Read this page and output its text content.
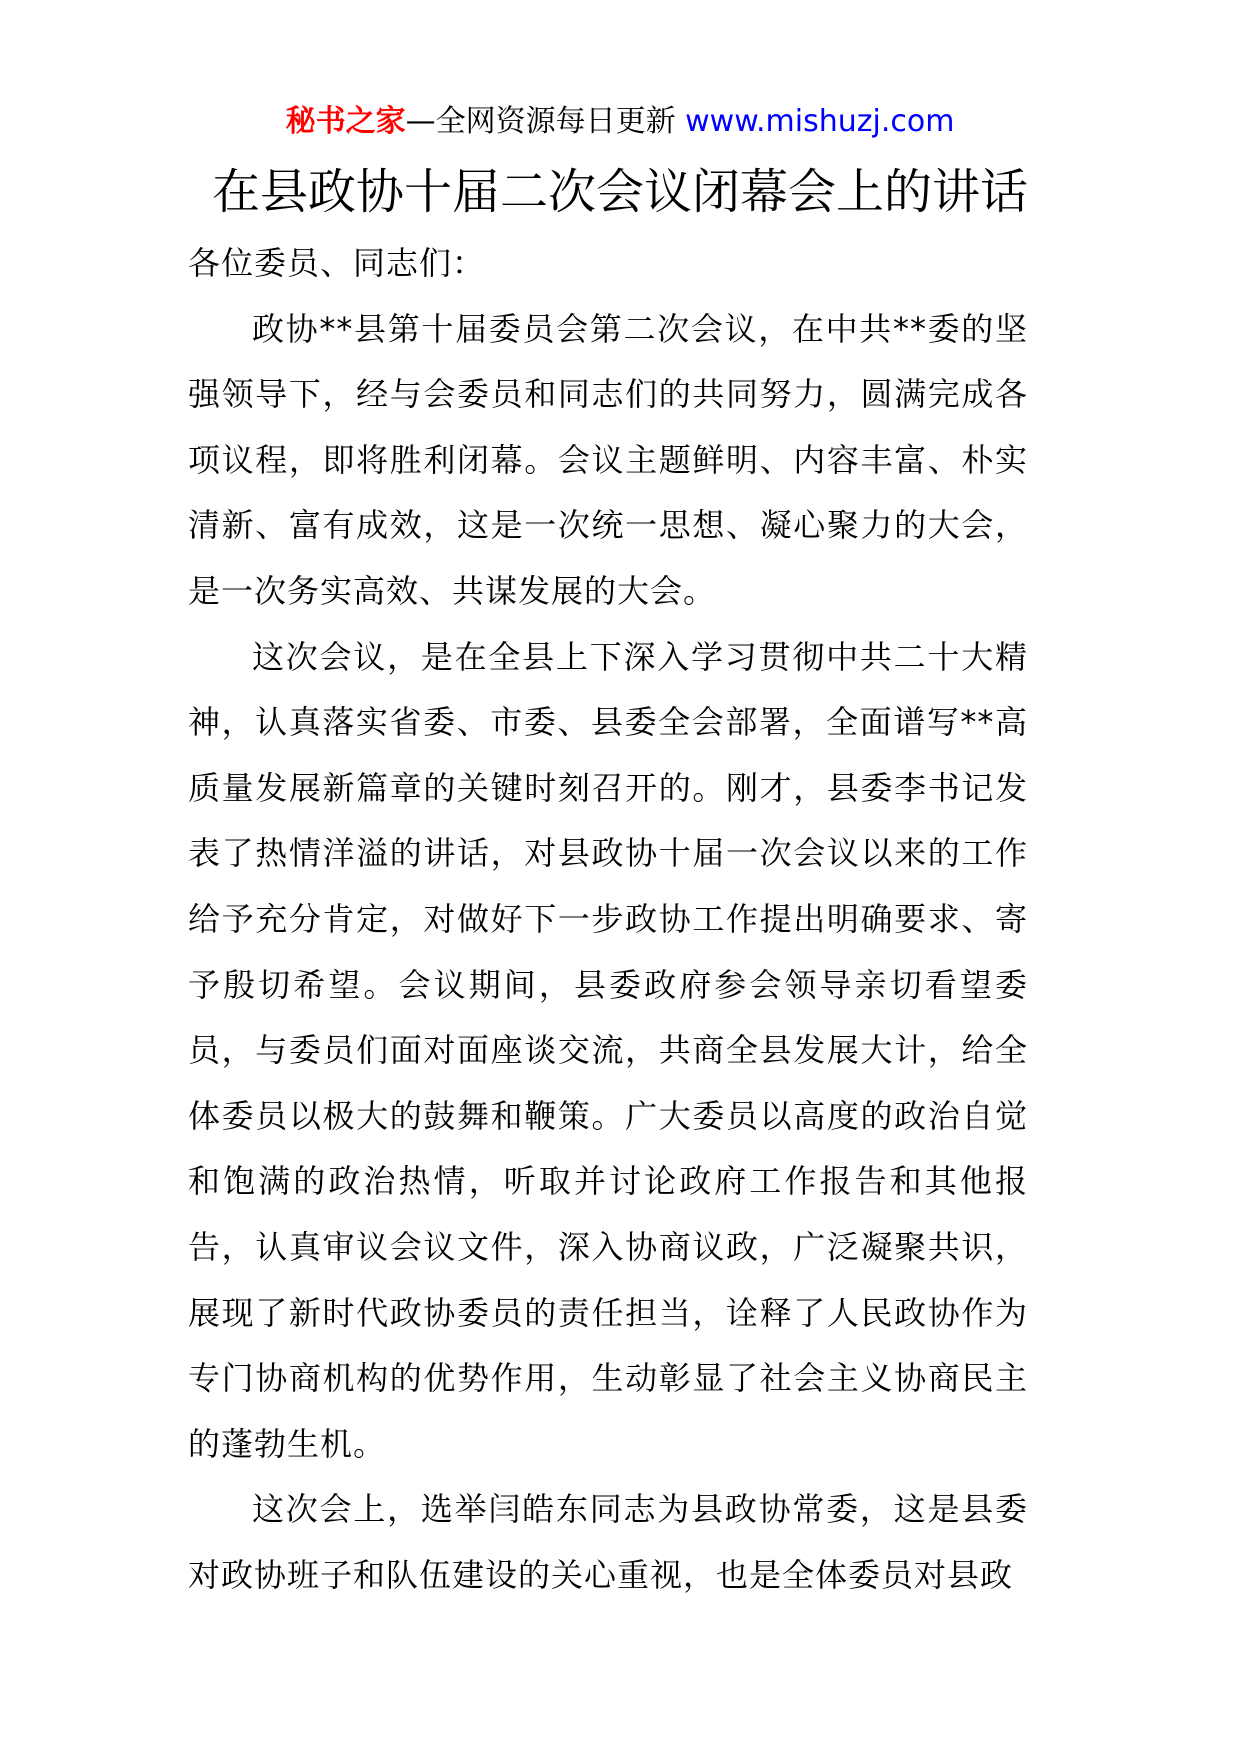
秘书之家—全网资源每日更新 www.mishuzj.com
在县政协十届二次会议闭幕会上的讲话

各位委员、同志们：

政协**县第十届委员会第二次会议，在中共**委的坚强领导下，经与会委员和同志们的共同努力，圆满完成各项议程，即将胜利闭幕。会议主题鲜明、内容丰富、朴实清新、富有成效，这是一次统一思想、凝心聚力的大会，是一次务实高效、共谋发展的大会。

这次会议，是在全县上下深入学习贯彻中共二十大精神，认真落实省委、市委、县委全会部署，全面谱写**高质量发展新篇章的关键时刻召开的。刚才，县委李书记发表了热情洋溢的讲话，对县政协十届一次会议以来的工作给予充分肯定，对做好下一步政协工作提出明确要求、寄予殷切希望。会议期间，县委政府参会领导亲切看望委员，与委员们面对面座谈交流，共商全县发展大计，给全体委员以极大的鼓舞和鞭策。广大委员以高度的政治自觉和饱满的政治热情，听取并讨论政府工作报告和其他报告，认真审议会议文件，深入协商议政，广泛凝聚共识，展现了新时代政协委员的责任担当，诠释了人民政协作为专门协商机构的优势作用，生动彰显了社会主义协商民主的蓬勃生机。

这次会上，选举闫皓东同志为县政协常委，这是县委对政协班子和队伍建设的关心重视，也是全体委员对县政
